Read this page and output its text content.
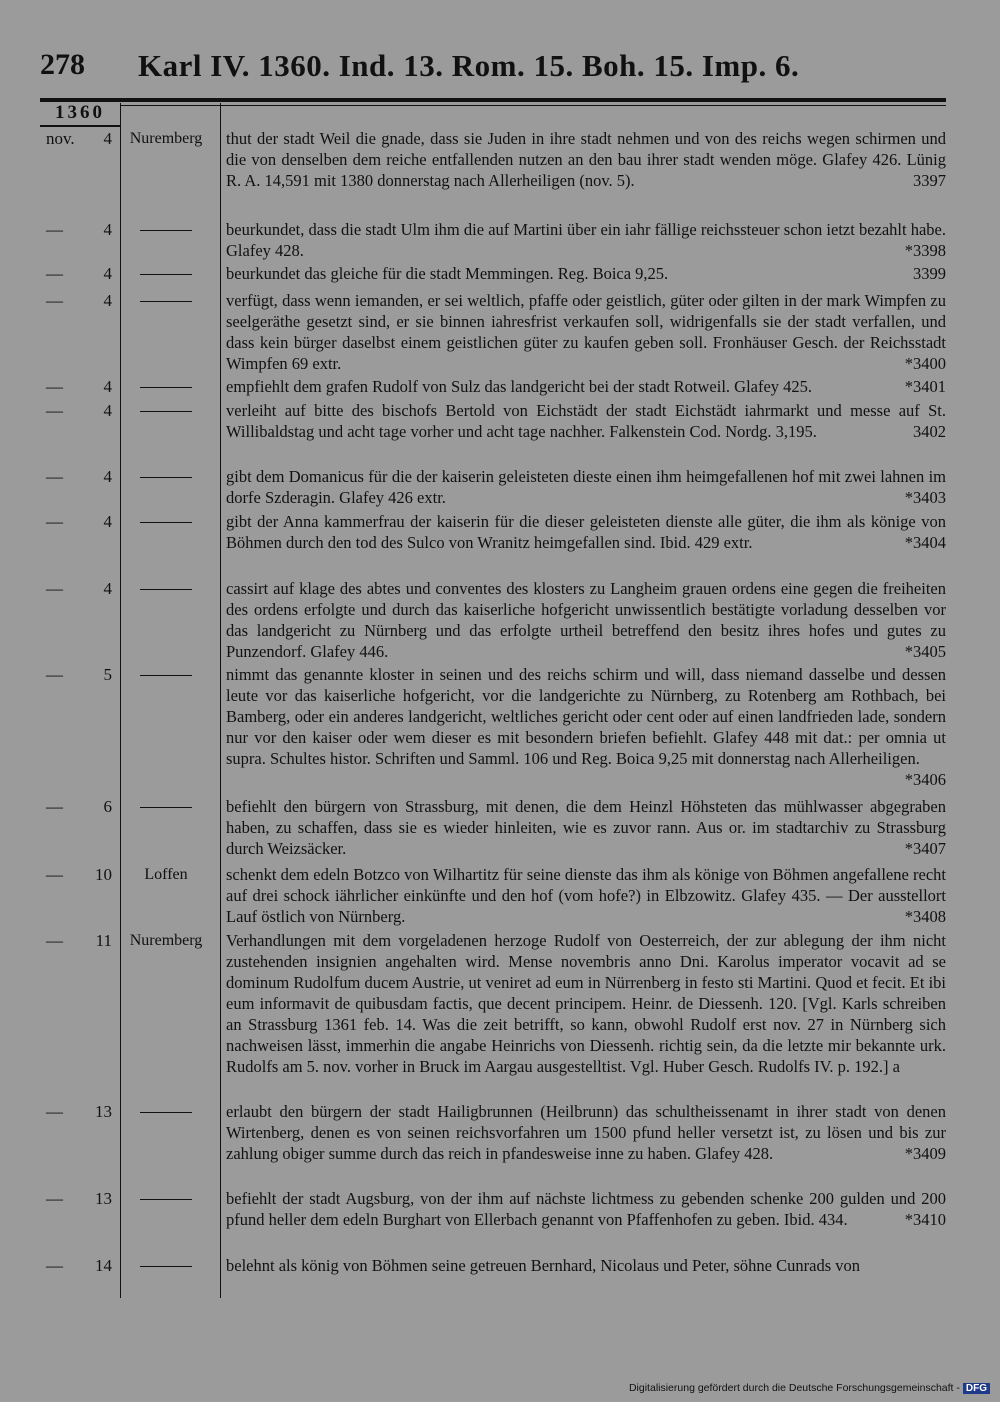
278 Karl IV. 1360. Ind. 13. Rom. 15. Boh. 15. Imp. 6.
1360
nov. 4	Nuremberg	thut der stadt Weil die gnade, dass sie Juden in ihre stadt nehmen und von des reichs wegen schirmen und die von denselben dem reiche entfallenden nutzen an den bau ihrer stadt wenden möge. Glafey 426. Lünig R. A. 14,591 mit 1380 donnerstag nach Allerheiligen (nov. 5).	3397
— 4	beurkundet, dass die stadt Ulm ihm die auf Martini über ein iahr fällige reichssteuer schon ietzt bezahlt habe. Glafey 428.	*3398
— 4	beurkundet das gleiche für die stadt Memmingen. Reg. Boica 9,25.	3399
— 4	verfügt, dass wenn iemanden, er sei weltlich, pfaffe oder geistlich, güter oder gilten in der mark Wimpfen zu seelgeräthe gesetzt sind, er sie binnen iahresfrist verkaufen soll, widrigenfalls sie der stadt verfallen, und dass kein bürger daselbst einem geistlichen güter zu kaufen geben soll. Fronhäuser Gesch. der Reichsstadt Wimpfen 69 extr.	*3400
— 4	empfiehlt dem grafen Rudolf von Sulz das landgericht bei der stadt Rotweil. Glafey 425.	*3401
— 4	verleiht auf bitte des bischofs Bertold von Eichstädt der stadt Eichstädt iahrmarkt und messe auf St. Willibaldstag und acht tage vorher und acht tage nachher. Falkenstein Cod. Nordg. 3,195.	3402
— 4	gibt dem Domanicus für die der kaiserin geleisteten dieste einen ihm heimgefallenen hof mit zwei lahnen im dorfe Szderagin. Glafey 426 extr.	*3403
— 4	gibt der Anna kammerfrau der kaiserin für die dieser geleisteten dienste alle güter, die ihm als könige von Böhmen durch den tod des Sulco von Wranitz heimgefallen sind. Ibid. 429 extr.	*3404
— 4	cassirt auf klage des abtes und conventes des klosters zu Langheim grauen ordens eine gegen die freiheiten des ordens erfolgte und durch das kaiserliche hofgericht unwissentlich bestätigte vorladung desselben vor das landgericht zu Nürnberg und das erfolgte urtheil betreffend den besitz ihres hofes und gutes zu Punzendorf. Glafey 446.	*3405
— 5	nimmt das genannte kloster in seinen und des reichs schirm und will, dass niemand dasselbe und dessen leute vor das kaiserliche hofgericht, vor die landgerichte zu Nürnberg, zu Rotenberg am Rothbach, bei Bamberg, oder ein anderes landgericht, weltliches gericht oder cent oder auf einen landfrieden lade, sondern nur vor den kaiser oder wem dieser es mit besondern briefen befiehlt. Glafey 448 mit dat.: per omnia ut supra. Schultes histor. Schriften und Samml. 106 und Reg. Boica 9,25 mit donnerstag nach Allerheiligen.
*3406
— 6	befiehlt den bürgern von Strassburg, mit denen, die dem Heinzl Höhsteten das mühlwasser abgegraben haben, zu schaffen, dass sie es wieder hinleiten, wie es zuvor rann. Aus or. im stadtarchiv zu Strassburg durch Weizsäcker.	*3407
— 10	Loffen	schenkt dem edeln Botzco von Wilhartitz für seine dienste das ihm als könige von Böhmen angefallene recht auf drei schock iährlicher einkünfte und den hof (vom hofe?) in Elbzowitz. Glafey 435. — Der ausstellort Lauf östlich von Nürnberg.	*3408
— 11	Nuremberg	Verhandlungen mit dem vorgeladenen herzoge Rudolf von Oesterreich, der zur ablegung der ihm nicht zustehenden insignien angehalten wird. Mense novembris anno Dni. Karolus imperator vocavit ad se dominum Rudolfum ducem Austrie, ut veniret ad eum in Nürrenberg in festo sti Martini. Quod et fecit. Et ibi eum informavit de quibusdam factis, que decent principem. Heinr. de Diessenh. 120. [Vgl. Karls schreiben an Strassburg 1361 feb. 14. Was die zeit betrifft, so kann, obwohl Rudolf erst nov. 27 in Nürnberg sich nachweisen lässt, immerhin die angabe Heinrichs von Diessenh. richtig sein, da die letzte mir bekannte urk. Rudolfs am 5. nov. vorher in Bruck im Aargau ausgestelltist. Vgl. Huber Gesch. Rudolfs IV. p. 192.] a
— 13	erlaubt den bürgern der stadt Hailigbrunnen (Heilbrunn) das schultheissenamt in ihrer stadt von denen Wirtenberg, denen es von seinen reichsvorfahren um 1500 pfund heller versetzt ist, zu lösen und bis zur zahlung obiger summe durch das reich in pfandesweise inne zu haben. Glafey 428.	*3409
— 13	befiehlt der stadt Augsburg, von der ihm auf nächste lichtmess zu gebenden schenke 200 gulden und 200 pfund heller dem edeln Burghart von Ellerbach genannt von Pfaffenhofen zu geben. Ibid. 434.	*3410
— 14	belehnt als könig von Böhmen seine getreuen Bernhard, Nicolaus und Peter, söhne Cunrads von
Digitalisierung gefördert durch die Deutsche Forschungsgemeinschaft - DFG
